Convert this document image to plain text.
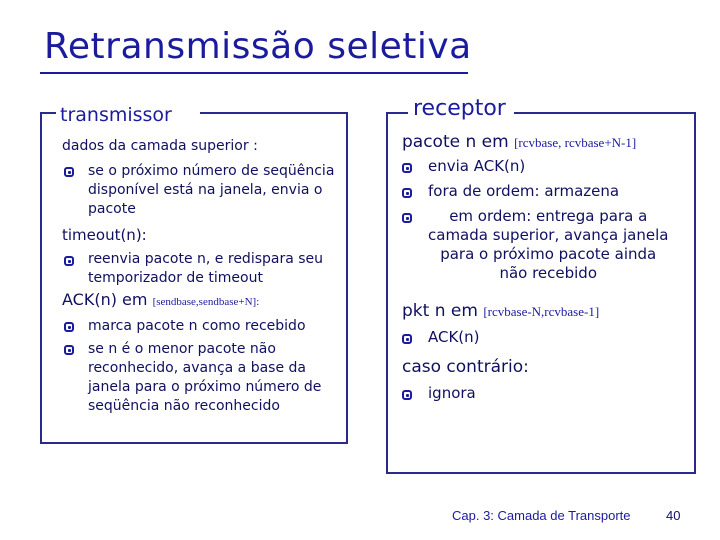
Retransmissão seletiva
transmissor
dados da camada superior :
se o próximo número de seqüência
disponível está na janela, envia o
pacote
timeout(n):
reenvia pacote n, e redispara seu
temporizador de timeout
ACK(n) em [sendbase,sendbase+N]:
marca pacote n como recebido
se n é o menor pacote não
reconhecido, avança a base da
janela para o próximo número de
seqüência não reconhecido
receptor
pacote n em [rcvbase, rcvbase+N-1]
envia ACK(n)
fora de ordem: armazena
em ordem: entrega para a
camada superior, avança janela
para o próximo pacote ainda
não recebido
pkt n em [rcvbase-N,rcvbase-1]
ACK(n)
caso contrário:
ignora
Cap. 3: Camada de Transporte	40
